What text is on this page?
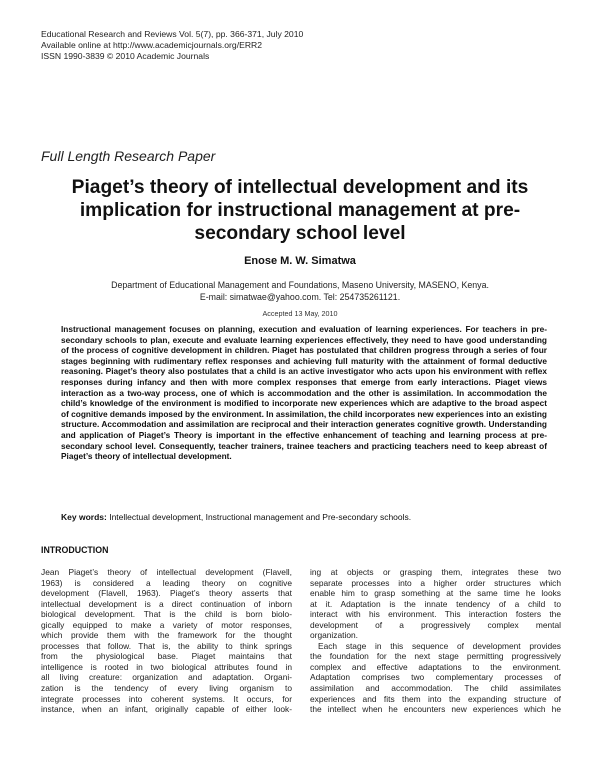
Educational Research and Reviews Vol. 5(7), pp. 366-371, July 2010
Available online at http://www.academicjournals.org/ERR2
ISSN 1990-3839 © 2010 Academic Journals
Full Length Research Paper
Piaget’s theory of intellectual development and its
implication for instructional management at pre-
secondary school level
Enose M. W. Simatwa
Department of Educational Management and Foundations, Maseno University, MASENO, Kenya.
E-mail: simatwae@yahoo.com. Tel: 254735261121.
Accepted 13 May, 2010
Instructional management focuses on planning, execution and evaluation of learning experiences. For teachers in pre-secondary schools to plan, execute and evaluate learning experiences effectively, they need to have good understanding of the process of cognitive development in children. Piaget has postulated that children progress through a series of four stages beginning with rudimentary reflex responses and achieving full maturity with the attainment of formal deductive reasoning. Piaget’s theory also postulates that a child is an active investigator who acts upon his environment with reflex responses during infancy and then with more complex responses that emerge from early interactions. Piaget views interaction as a two-way process, one of which is accommodation and the other is assimilation. In accommodation the child’s knowledge of the environment is modified to incorporate new experiences which are adaptive to the broad aspect of cognitive demands imposed by the environment. In assimilation, the child incorporates new experiences into an existing structure. Accommodation and assimilation are reciprocal and their interaction generates cognitive growth. Understanding and application of Piaget’s Theory is important in the effective enhancement of teaching and learning process at pre-secondary school level. Consequently, teacher trainers, trainee teachers and practicing teachers need to keep abreast of Piaget’s theory of intellectual development.
Key words: Intellectual development, Instructional management and Pre-secondary schools.
INTRODUCTION
Jean Piaget’s theory of intellectual development (Flavell,
1963) is considered a leading theory on cognitive
development (Flavell, 1963). Piaget’s theory asserts that
intellectual development is a direct continuation of inborn
biological development. That is the child is born biolo-
gically equipped to make a variety of motor responses,
which provide them with the framework for the thought
processes that follow. That is, the ability to think springs
from the physiological base. Piaget maintains that
intelligence is rooted in two biological attributes found in
all living creature: organization and adaptation. Organi-
zation is the tendency of every living organism to
integrate processes into coherent systems. It occurs, for
instance, when an infant, originally capable of either look-
ing at objects or grasping them, integrates these two
separate processes into a higher order structures which
enable him to grasp something at the same time he looks
at it. Adaptation is the innate tendency of a child to
interact with his environment. This interaction fosters the
development of a progressively complex mental
organization.
Each stage in this sequence of development provides
the foundation for the next stage permitting progressively
complex and effective adaptations to the environment.
Adaptation comprises two complementary processes of
assimilation and accommodation. The child assimilates
experiences and fits them into the expanding structure of
the intellect when he encounters new experiences which he
